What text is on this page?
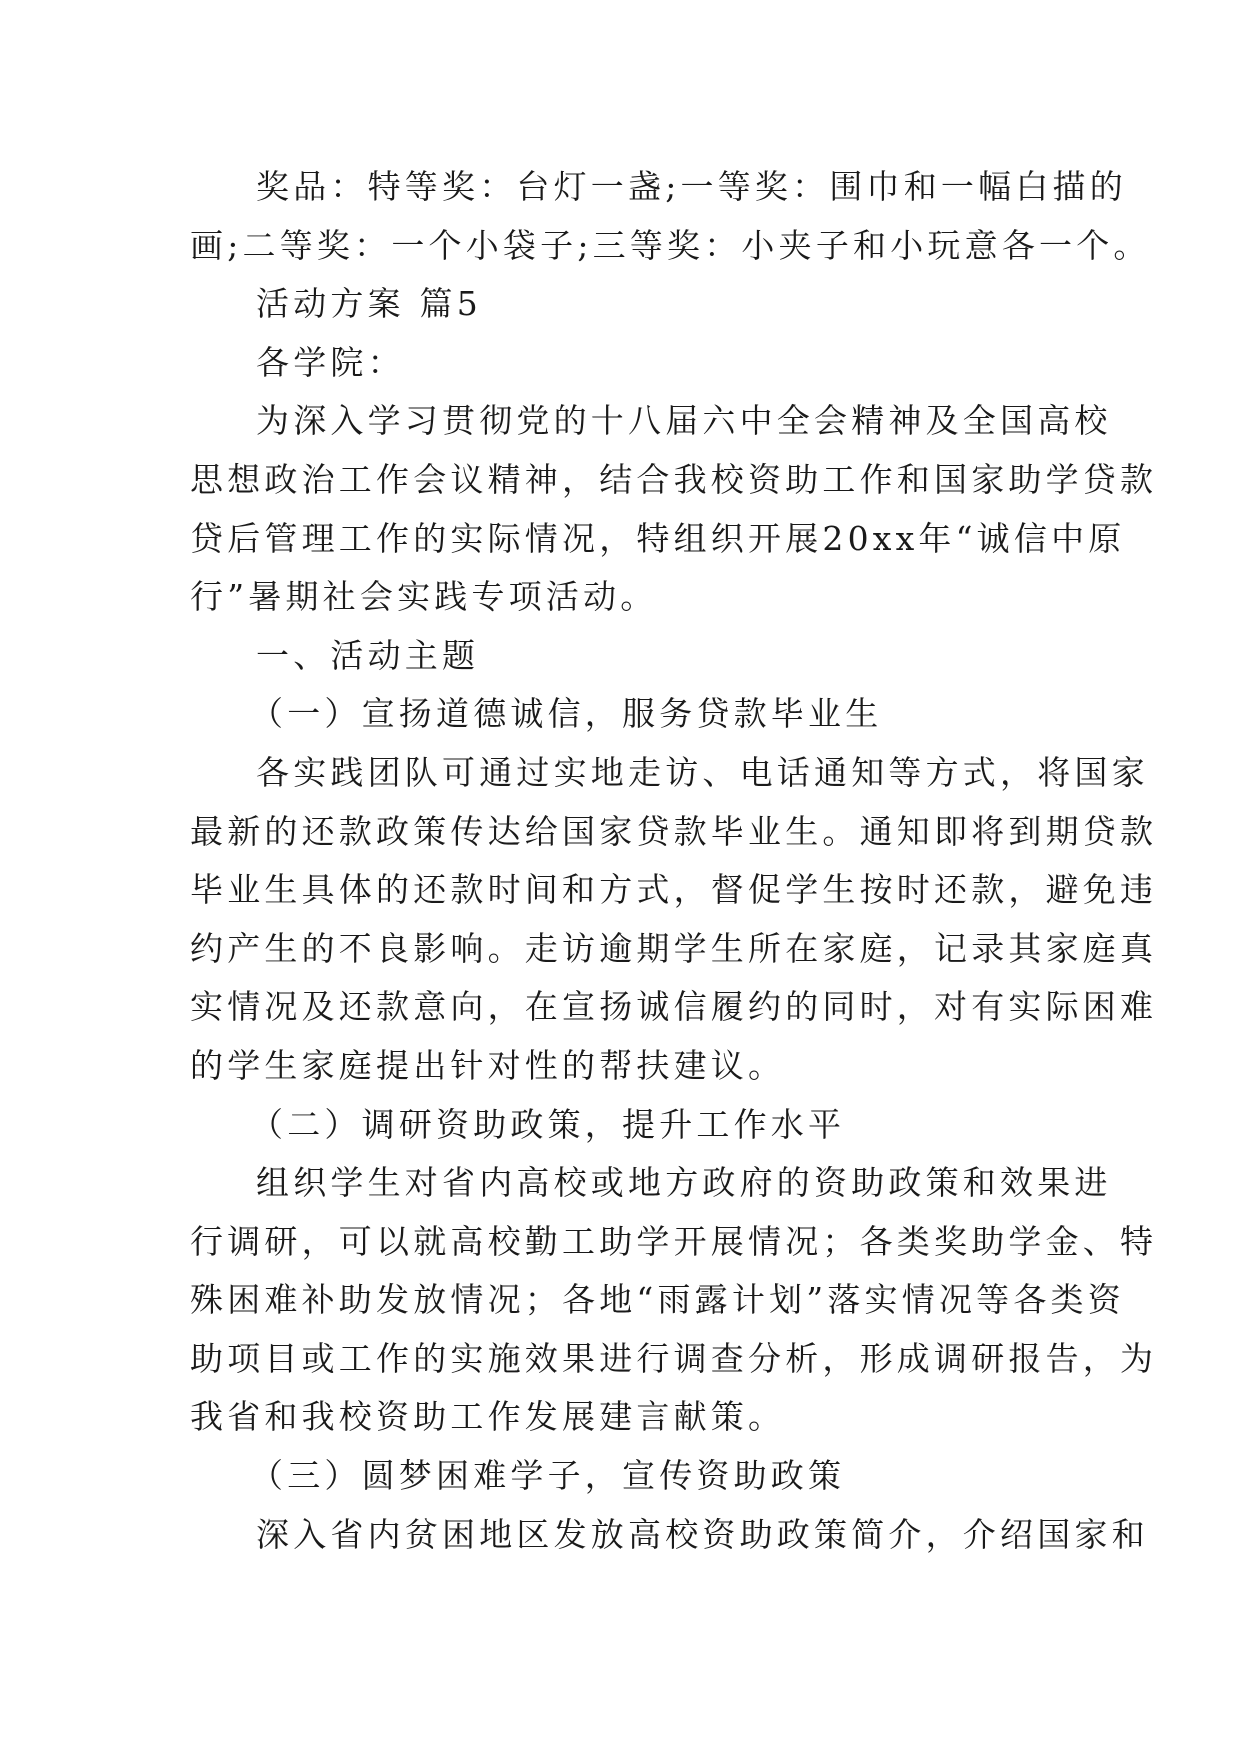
奖品：特等奖：台灯一盏;一等奖：围巾和一幅白描的
画;二等奖：一个小袋子;三等奖：小夹子和小玩意各一个。
活动方案 篇5
各学院：
为深入学习贯彻党的十八届六中全会精神及全国高校
思想政治工作会议精神，结合我校资助工作和国家助学贷款
贷后管理工作的实际情况，特组织开展20xx年“诚信中原
行”暑期社会实践专项活动。
一、活动主题
（一）宣扬道德诚信，服务贷款毕业生
各实践团队可通过实地走访、电话通知等方式，将国家
最新的还款政策传达给国家贷款毕业生。通知即将到期贷款
毕业生具体的还款时间和方式，督促学生按时还款，避免违
约产生的不良影响。走访逾期学生所在家庭，记录其家庭真
实情况及还款意向，在宣扬诚信履约的同时，对有实际困难
的学生家庭提出针对性的帮扶建议。
（二）调研资助政策，提升工作水平
组织学生对省内高校或地方政府的资助政策和效果进
行调研，可以就高校勤工助学开展情况；各类奖助学金、特
殊困难补助发放情况；各地“雨露计划”落实情况等各类资
助项目或工作的实施效果进行调查分析，形成调研报告，为
我省和我校资助工作发展建言献策。
（三）圆梦困难学子，宣传资助政策
深入省内贫困地区发放高校资助政策简介，介绍国家和
